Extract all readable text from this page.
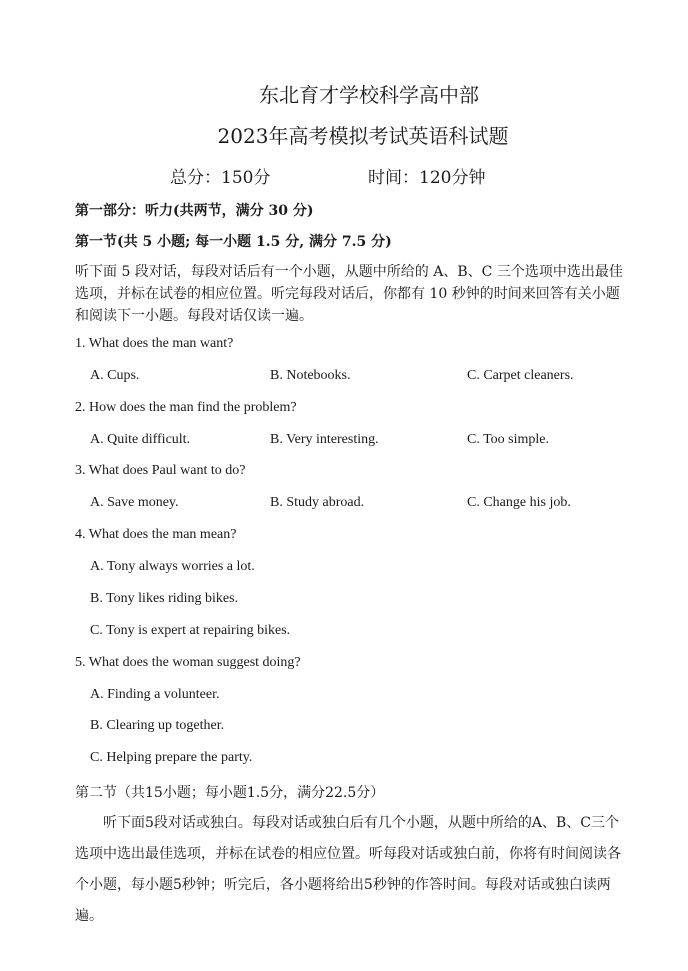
东北育才学校科学高中部
2023年高考模拟考试英语科试题
总分：150分	时间：120分钟
第一部分：听力(共两节，满分 30 分)
第一节(共 5 小题; 每一小题 1.5 分, 满分 7.5 分)
听下面 5 段对话，每段对话后有一个小题，从题中所给的 A、B、C 三个选项中选出最佳选项，并标在试卷的相应位置。听完每段对话后，你都有 10 秒钟的时间来回答有关小题和阅读下一小题。每段对话仅读一遍。
1. What does the man want?
A. Cups.	B. Notebooks.	C. Carpet cleaners.
2. How does the man find the problem?
A. Quite difficult.	B. Very interesting.	C. Too simple.
3. What does Paul want to do?
A. Save money.	B. Study abroad.	C. Change his job.
4. What does the man mean?
A. Tony always worries a lot.
B. Tony likes riding bikes.
C. Tony is expert at repairing bikes.
5. What does the woman suggest doing?
A. Finding a volunteer.
B. Clearing up together.
C. Helping prepare the party.
第二节（共15小题；每小题1.5分，满分22.5分）
听下面5段对话或独白。每段对话或独白后有几个小题，从题中所给的A、B、C三个选项中选出最佳选项，并标在试卷的相应位置。听每段对话或独白前，你将有时间阅读各个小题，每小题5秒钟；听完后，各小题将给出5秒钟的作答时间。每段对话或独白读两遍。
